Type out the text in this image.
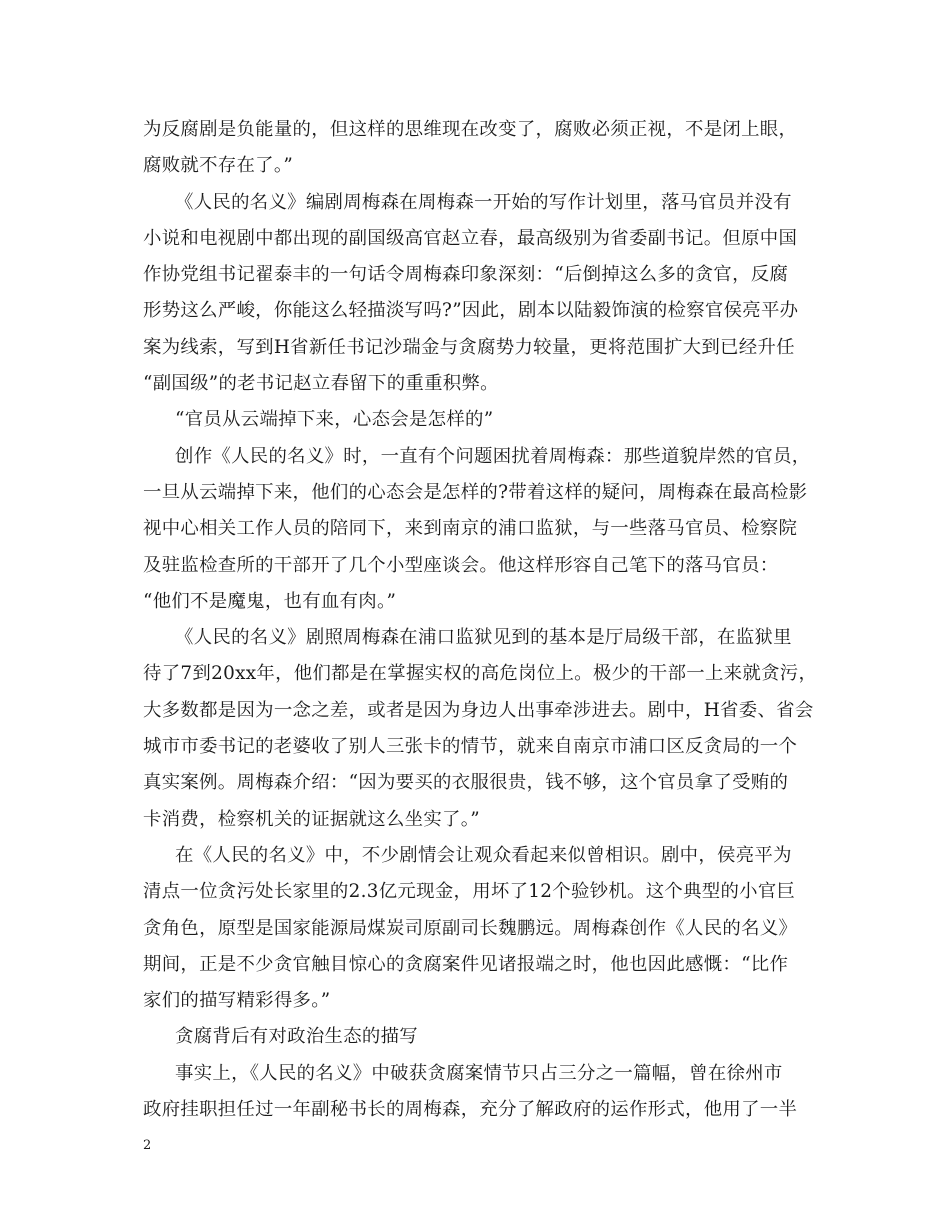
为反腐剧是负能量的，但这样的思维现在改变了，腐败必须正视，不是闭上眼，
腐败就不存在了。”
《人民的名义》编剧周梅森在周梅森一开始的写作计划里，落马官员并没有
小说和电视剧中都出现的副国级高官赵立春，最高级别为省委副书记。但原中国
作协党组书记翟泰丰的一句话令周梅森印象深刻：“后倒掉这么多的贪官，反腐
形势这么严峻，你能这么轻描淡写吗?”因此，剧本以陆毅饰演的检察官侯亮平办
案为线索，写到H省新任书记沙瑞金与贪腐势力较量，更将范围扩大到已经升任
“副国级”的老书记赵立春留下的重重积弊。
“官员从云端掉下来，心态会是怎样的”
创作《人民的名义》时，一直有个问题困扰着周梅森：那些道貌岸然的官员，
一旦从云端掉下来，他们的心态会是怎样的?带着这样的疑问，周梅森在最高检影
视中心相关工作人员的陪同下，来到南京的浦口监狱，与一些落马官员、检察院
及驻监检查所的干部开了几个小型座谈会。他这样形容自己笔下的落马官员：
“他们不是魔鬼，也有血有肉。”
《人民的名义》剧照周梅森在浦口监狱见到的基本是厅局级干部，在监狱里
待了7到20xx年，他们都是在掌握实权的高危岗位上。极少的干部一上来就贪污，
大多数都是因为一念之差，或者是因为身边人出事牵涉进去。剧中，H省委、省会
城市市委书记的老婆收了别人三张卡的情节，就来自南京市浦口区反贪局的一个
真实案例。周梅森介绍：“因为要买的衣服很贵，钱不够，这个官员拿了受贿的
卡消费，检察机关的证据就这么坐实了。”
在《人民的名义》中，不少剧情会让观众看起来似曾相识。剧中，侯亮平为
清点一位贪污处长家里的2.3亿元现金，用坏了12个验钞机。这个典型的小官巨
贪角色，原型是国家能源局煤炭司原副司长魏鹏远。周梅森创作《人民的名义》
期间，正是不少贪官触目惊心的贪腐案件见诸报端之时，他也因此感慨：“比作
家们的描写精彩得多。”
贪腐背后有对政治生态的描写
事实上，《人民的名义》中破获贪腐案情节只占三分之一篇幅，曾在徐州市
政府挂职担任过一年副秘书长的周梅森，充分了解政府的运作形式，他用了一半
2
